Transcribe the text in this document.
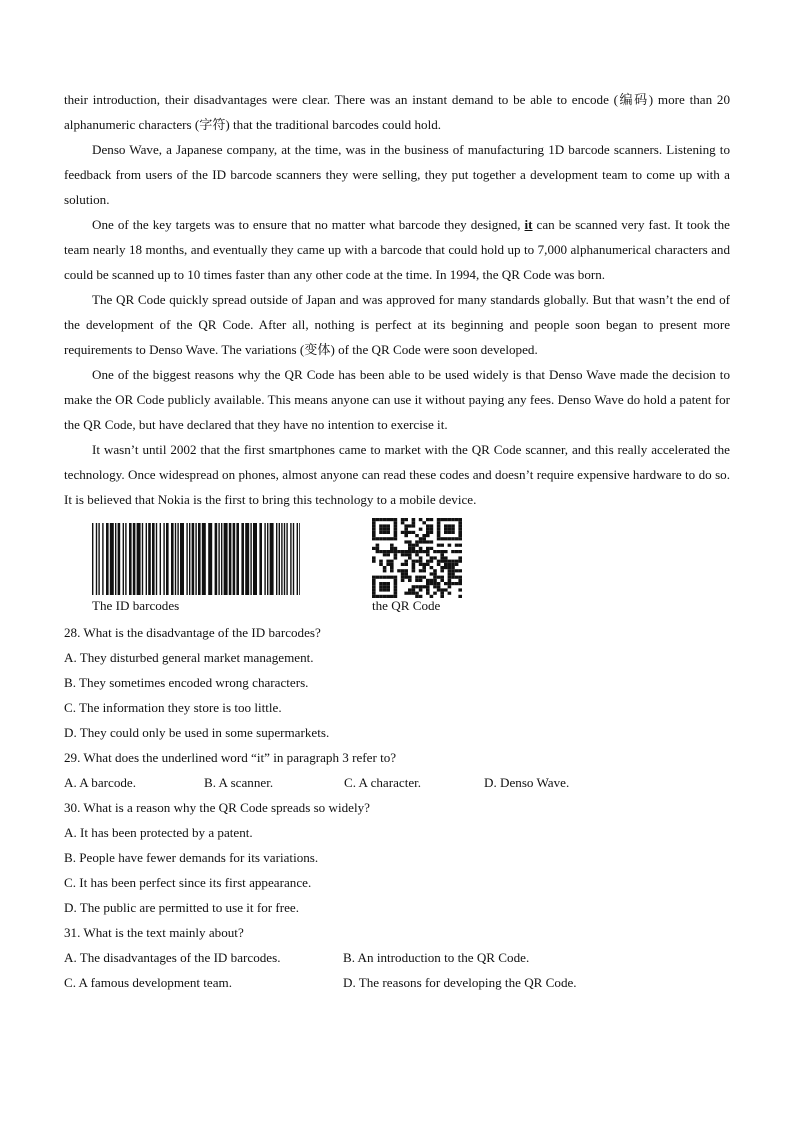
their introduction, their disadvantages were clear. There was an instant demand to be able to encode (编码) more than 20 alphanumeric characters (字符) that the traditional barcodes could hold.

Denso Wave, a Japanese company, at the time, was in the business of manufacturing 1D barcode scanners. Listening to feedback from users of the ID barcode scanners they were selling, they put together a development team to come up with a solution.

One of the key targets was to ensure that no matter what barcode they designed, it can be scanned very fast. It took the team nearly 18 months, and eventually they came up with a barcode that could hold up to 7,000 alphanumerical characters and could be scanned up to 10 times faster than any other code at the time. In 1994, the QR Code was born.

The QR Code quickly spread outside of Japan and was approved for many standards globally. But that wasn’t the end of the development of the QR Code. After all, nothing is perfect at its beginning and people soon began to present more requirements to Denso Wave. The variations (变体) of the QR Code were soon developed.

One of the biggest reasons why the QR Code has been able to be used widely is that Denso Wave made the decision to make the OR Code publicly available. This means anyone can use it without paying any fees. Denso Wave do hold a patent for the QR Code, but have declared that they have no intention to exercise it.

It wasn’t until 2002 that the first smartphones came to market with the QR Code scanner, and this really accelerated the technology. Once widespread on phones, almost anyone can read these codes and doesn’t require expensive hardware to do so. It is believed that Nokia is the first to bring this technology to a mobile device.

The ID barcodes	the QR Code

28. What is the disadvantage of the ID barcodes?

A. They disturbed general market management.

B. They sometimes encoded wrong characters.

C. The information they store is too little.

D. They could only be used in some supermarkets.

29. What does the underlined word “it” in paragraph 3 refer to?

A. A barcode.	B. A scanner.	C. A character.	D. Denso Wave.

30. What is a reason why the QR Code spreads so widely?

A. It has been protected by a patent.

B. People have fewer demands for its variations.

C. It has been perfect since its first appearance.

D. The public are permitted to use it for free.

31. What is the text mainly about?

A. The disadvantages of the ID barcodes.	B. An introduction to the QR Code.
C. A famous development team.	D. The reasons for developing the QR Code.
